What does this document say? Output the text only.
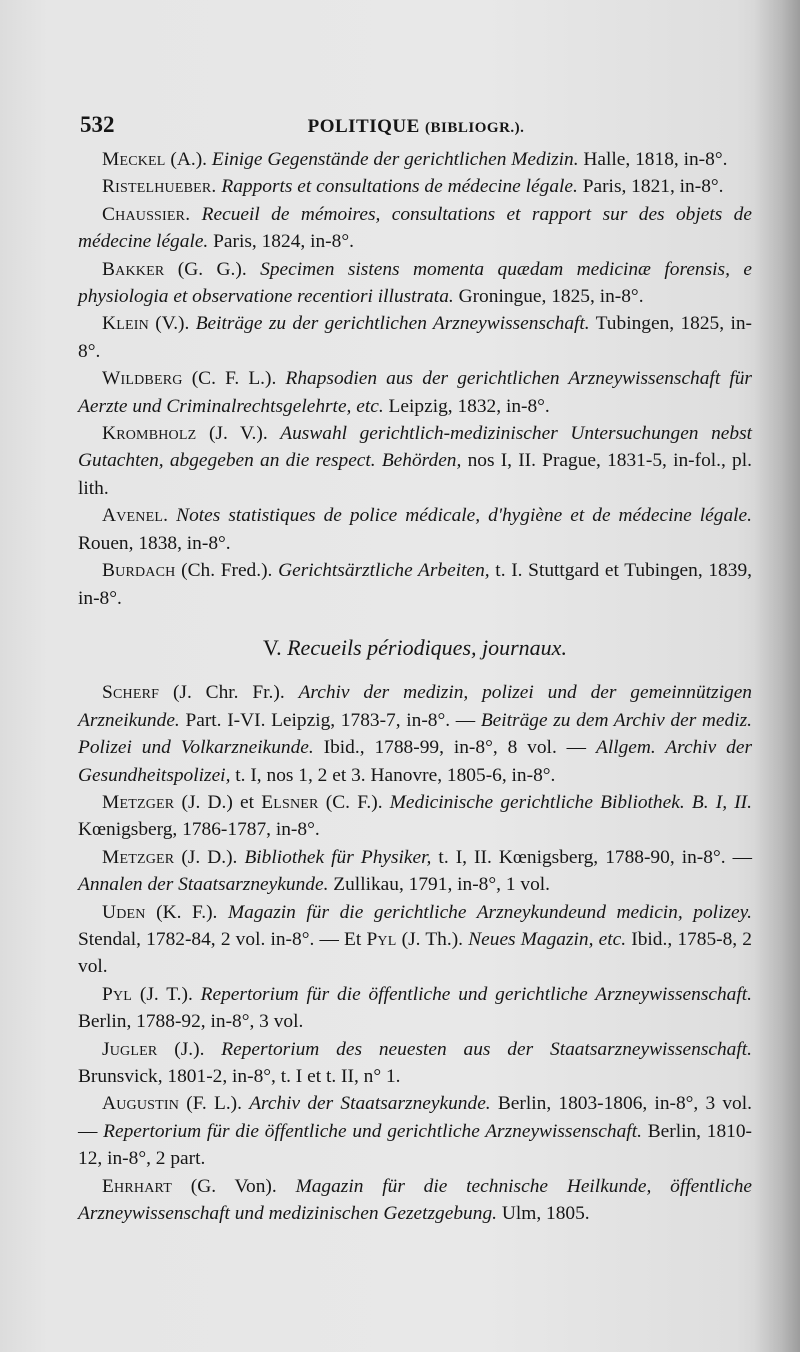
532	POLITIQUE (BIBLIOGR.).

Meckel (A.). Einige Gegenstände der gerichtlichen Medizin. Halle, 1818, in-8°.

Ristelhueber. Rapports et consultations de médecine légale. Paris, 1821, in-8°.

Chaussier. Recueil de mémoires, consultations et rapport sur des objets de médecine légale. Paris, 1824, in-8°.

Bakker (G. G.). Specimen sistens momenta quædam medicinæ forensis, e physiologia et observatione recentiori illustrata. Groningue, 1825, in-8°.

Klein (V.). Beiträge zu der gerichtlichen Arzneywissenschaft. Tubingen, 1825, in-8°.

Wildberg (C. F. L.). Rhapsodien aus der gerichtlichen Arzneywissenschaft für Aerzte und Criminalrechtsgelehrte, etc. Leipzig, 1832, in-8°.

Krombholz (J. V.). Auswahl gerichtlich-medizinischer Untersuchungen nebst Gutachten, abgegeben an die respect. Behörden, nos I, II. Prague, 1831-5, in-fol., pl. lith.

Avenel. Notes statistiques de police médicale, d'hygiène et de médecine légale. Rouen, 1838, in-8°.

Burdach (Ch. Fred.). Gerichtsärztliche Arbeiten, t. I. Stuttgard et Tubingen, 1839, in-8°.

V. Recueils périodiques, journaux.

Scherf (J. Chr. Fr.). Archiv der medizin, polizei und der gemeinnützigen Arzneikunde. Part. I-VI. Leipzig, 1783-7, in-8°. — Beiträge zu dem Archiv der mediz. Polizei und Volkarzneikunde. Ibid., 1788-99, in-8°, 8 vol. — Allgem. Archiv der Gesundheitspolizei, t. I, nos 1, 2 et 3. Hanovre, 1805-6, in-8°.

Metzger (J. D.) et Elsner (C. F.). Medicinische gerichtliche Bibliothek. B. I, II. Kœnigsberg, 1786-1787, in-8°.

Metzger (J. D.). Bibliothek für Physiker, t. I, II. Kœnigsberg, 1788-90, in-8°. — Annalen der Staatsarzneykunde. Zullikau, 1791, in-8°, 1 vol.

Uden (K. F.). Magazin für die gerichtliche Arzneykundeund medicin, polizey. Stendal, 1782-84, 2 vol. in-8°. — Et Pyl (J. Th.). Neues Magazin, etc. Ibid., 1785-8, 2 vol.

Pyl (J. T.). Repertorium für die öffentliche und gerichtliche Arzneywissenschaft. Berlin, 1788-92, in-8°, 3 vol.

Jugler (J.). Repertorium des neuesten aus der Staatsarzneywissenschaft. Brunsvick, 1801-2, in-8°, t. I et t. II, n° 1.

Augustin (F. L.). Archiv der Staatsarzneykunde. Berlin, 1803-1806, in-8°, 3 vol. — Repertorium für die öffentliche und gerichtliche Arzneywissenschaft. Berlin, 1810-12, in-8°, 2 part.

Ehrhart (G. Von). Magazin für die technische Heilkunde, öffentliche Arzneywissenschaft und medizinischen Gezetzgebung. Ulm, 1805.
